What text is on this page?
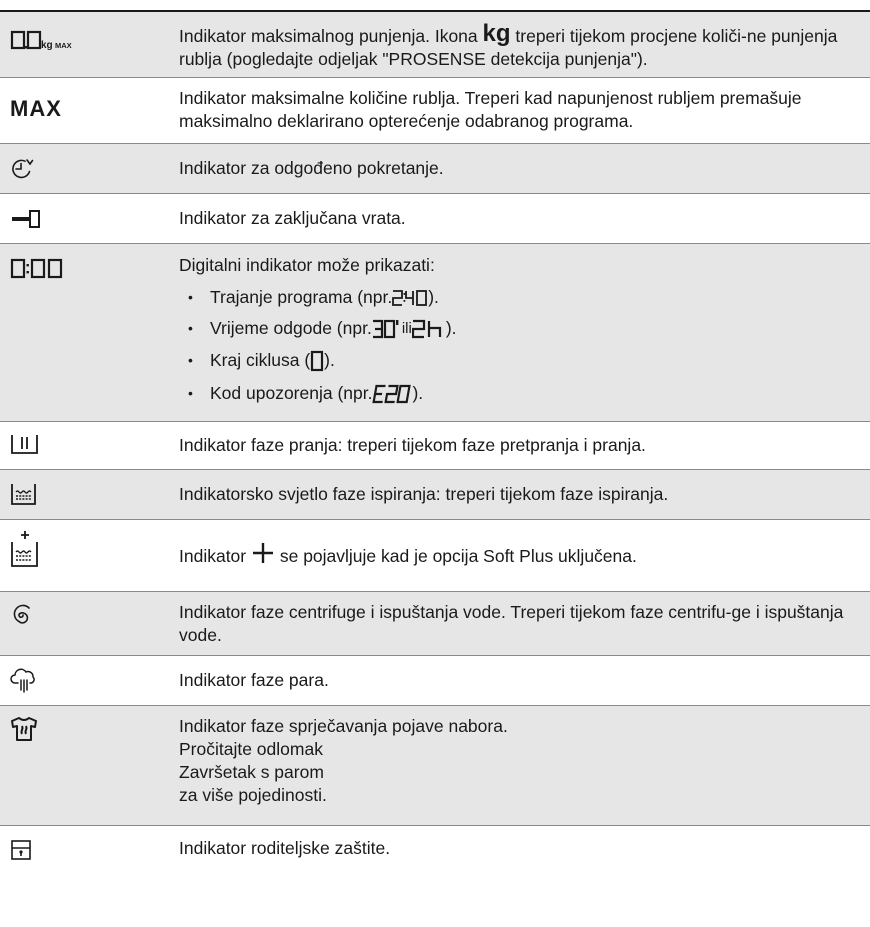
kg MAX	Indikator maksimalnog punjenja. Ikona kg treperi tijekom procjene količi-ne punjenja rublja (pogledajte odjeljak "PROSENSE detekcija punjenja").
MAX	Indikator maksimalne količine rublja. Treperi kad napunjenost rubljem premašuje maksimalno deklarirano opterećenje odabranog programa.
Indikator za odgođeno pokretanje.
Indikator za zaključana vrata.
Digitalni indikator može prikazati:
• Trajanje programa (npr. ).
• Vrijeme odgode (npr. ili ).
• Kraj ciklusa ( ).
• Kod upozorenja (npr. ).
Indikator faze pranja: treperi tijekom faze pretpranja i pranja.
Indikatorsko svjetlo faze ispiranja: treperi tijekom faze ispiranja.
Indikator  se pojavljuje kad je opcija Soft Plus uključena.
Indikator faze centrifuge i ispuštanja vode. Treperi tijekom faze centrifu-ge i ispuštanja vode.
Indikator faze para.
Indikator faze sprječavanja pojave nabora.
Pročitajte odlomak
Završetak s parom
za više pojedinosti.
Indikator roditeljske zaštite.
